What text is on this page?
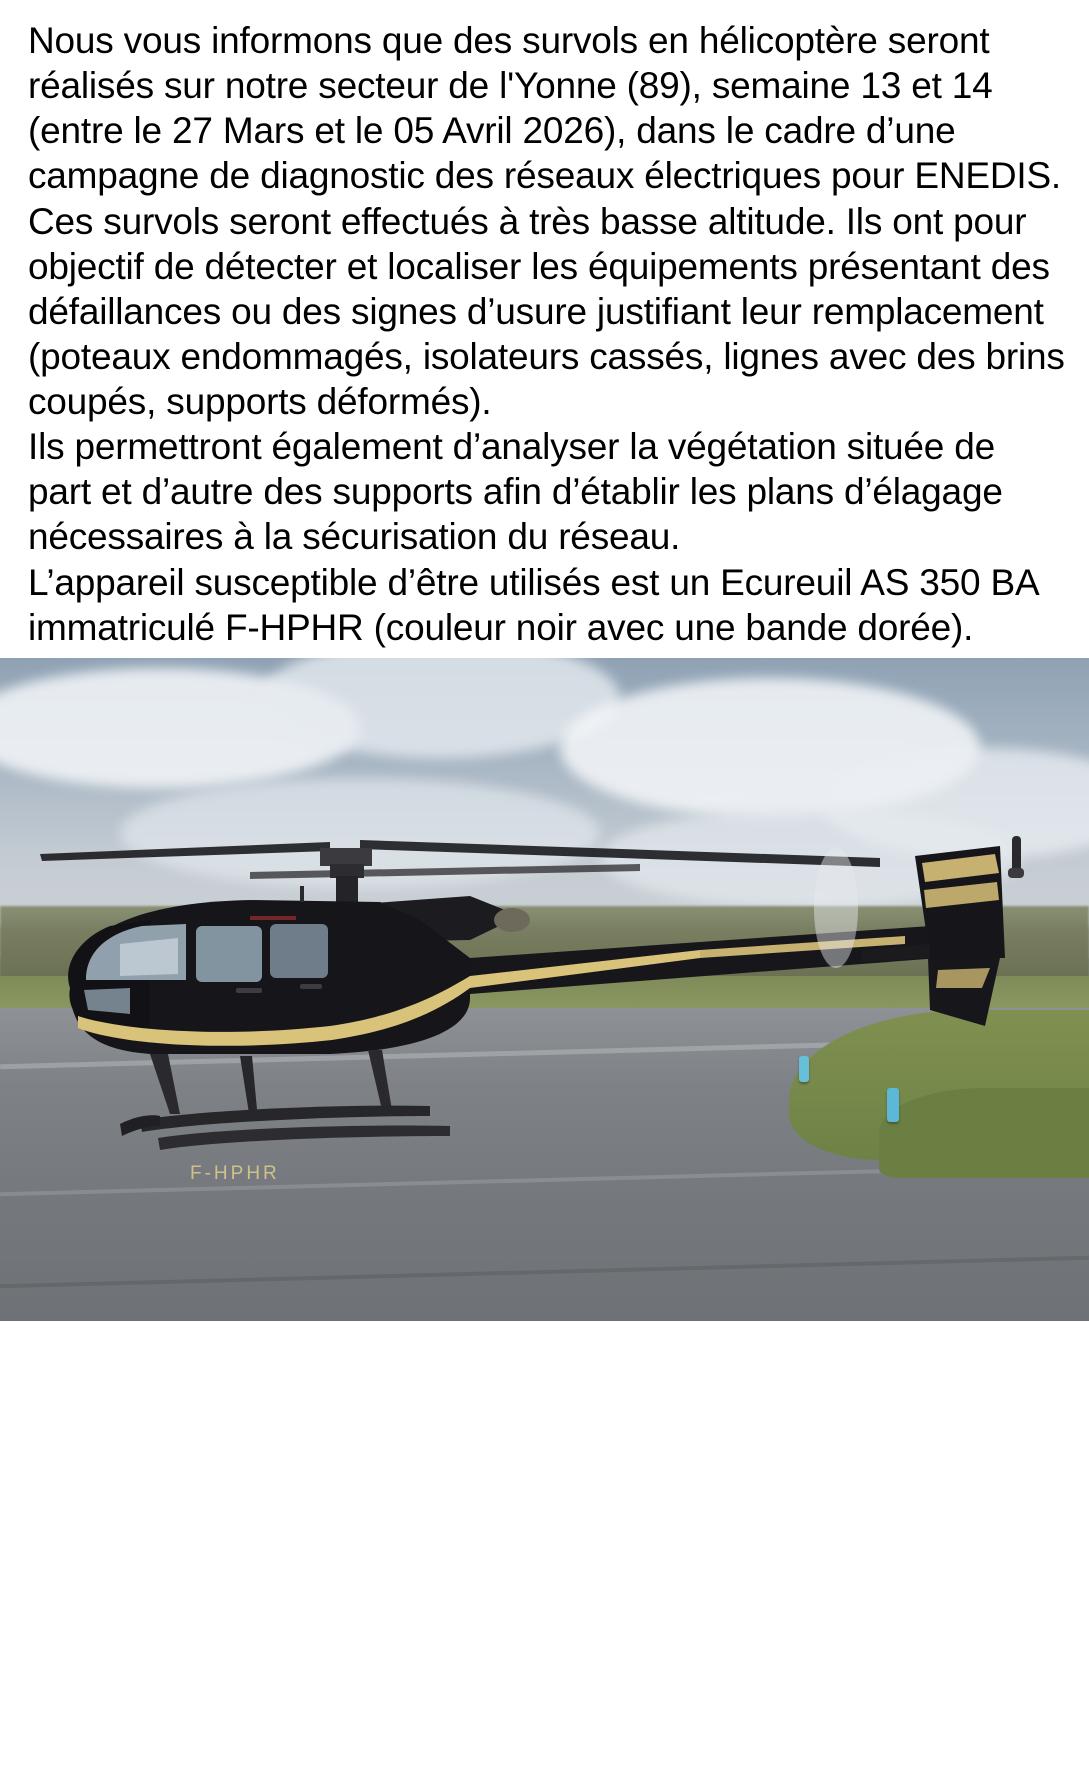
Nous vous informons que des survols en hélicoptère seront réalisés sur notre secteur de l'Yonne (89), semaine 13 et 14 (entre le 27 Mars et le 05 Avril 2026), dans le cadre d’une campagne de diagnostic des réseaux électriques pour ENEDIS.

Ces survols seront effectués à très basse altitude. Ils ont pour objectif de détecter et localiser les équipements présentant des défaillances ou des signes d’usure justifiant leur remplacement (poteaux endommagés, isolateurs cassés, lignes avec des brins coupés, supports déformés).

Ils permettront également d’analyser la végétation située de part et d’autre des supports afin d’établir les plans d’élagage nécessaires à la sécurisation du réseau.

L’appareil susceptible d’être utilisés est un Ecureuil AS 350 BA immatriculé F-HPHR (couleur noir avec une bande dorée).

F-HPHR
